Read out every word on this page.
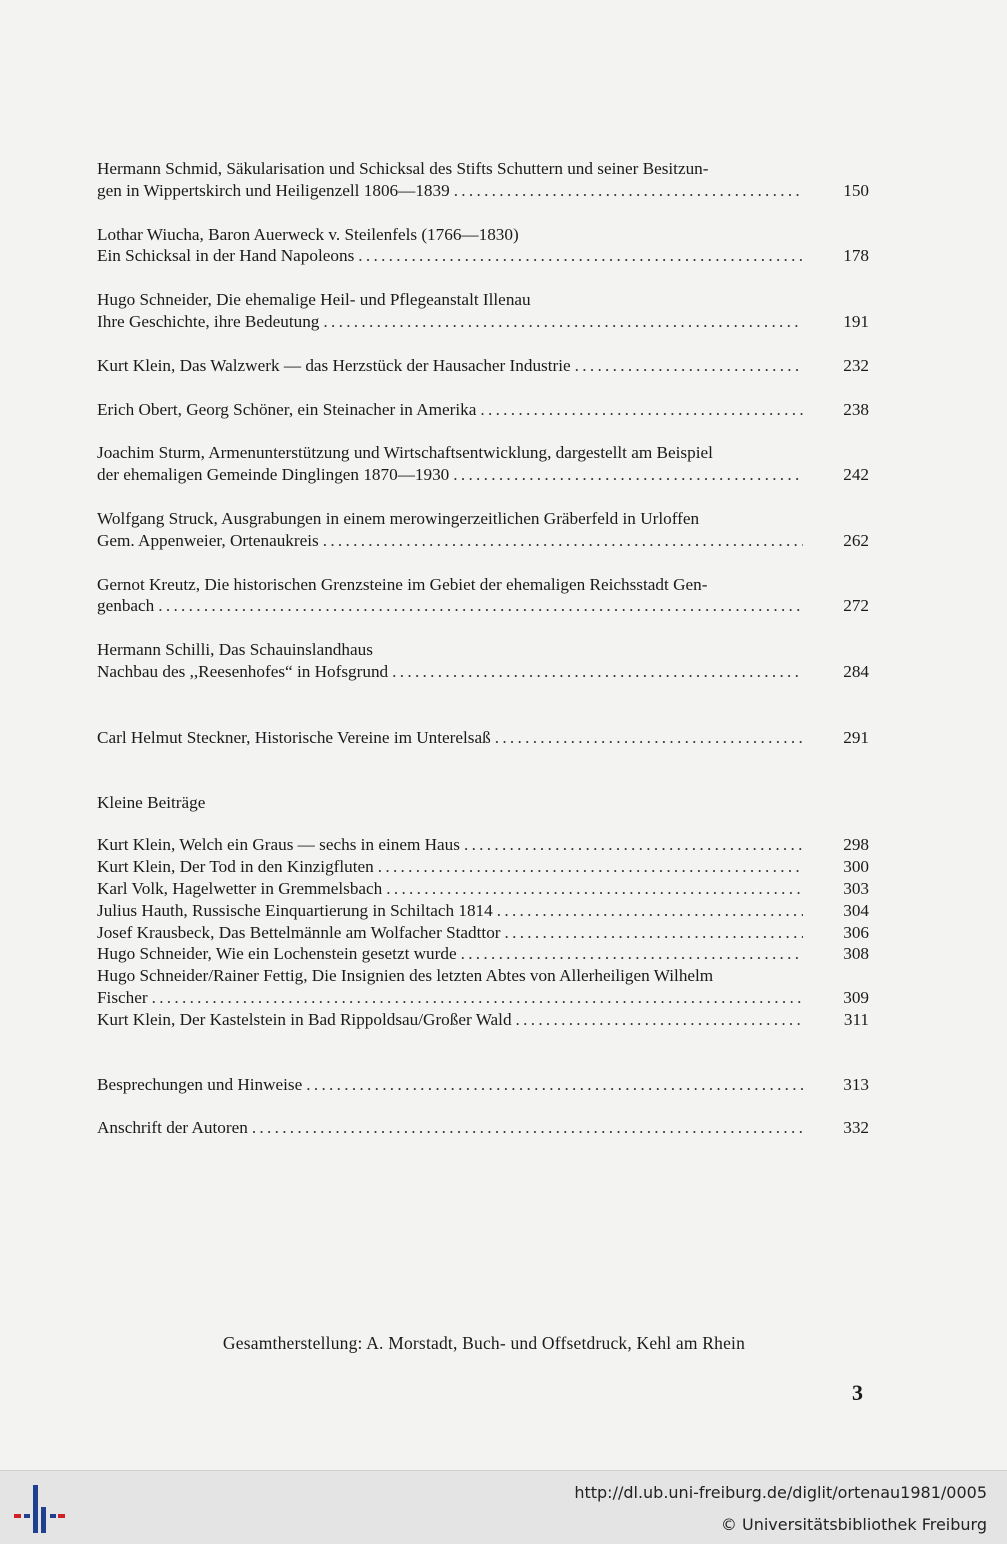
Hermann Schmid, Säkularisation und Schicksal des Stifts Schuttern und seiner Besitzun-
gen in Wippertskirch und Heiligenzell 1806—1839 . . .	150
Lothar Wiucha, Baron Auerweck v. Steilenfels (1766—1830)
Ein Schicksal in der Hand Napoleons . . .	178
Hugo Schneider, Die ehemalige Heil- und Pflegeanstalt Illenau
Ihre Geschichte, ihre Bedeutung . . .	191
Kurt Klein, Das Walzwerk — das Herzstück der Hausacher Industrie . . .	232
Erich Obert, Georg Schöner, ein Steinacher in Amerika . . .	238
Joachim Sturm, Armenunterstützung und Wirtschaftsentwicklung, dargestellt am Beispiel
der ehemaligen Gemeinde Dinglingen 1870—1930 . . .	242
Wolfgang Struck, Ausgrabungen in einem merowingerzeitlichen Gräberfeld in Urloffen
Gem. Appenweier, Ortenaukreis . . .	262
Gernot Kreutz, Die historischen Grenzsteine im Gebiet der ehemaligen Reichsstadt Gen-
genbach . . .	272
Hermann Schilli, Das Schauinslandhaus
Nachbau des ,,Reesenhofes“ in Hofsgrund . . .	284
Carl Helmut Steckner, Historische Vereine im Unterelsaß . . .	291
Kleine Beiträge
Kurt Klein, Welch ein Graus — sechs in einem Haus . . .	298
Kurt Klein, Der Tod in den Kinzigfluten . . .	300
Karl Volk, Hagelwetter in Gremmelsbach . . .	303
Julius Hauth, Russische Einquartierung in Schiltach 1814 . . .	304
Josef Krausbeck, Das Bettelmännle am Wolfacher Stadttor . . .	306
Hugo Schneider, Wie ein Lochenstein gesetzt wurde . . .	308
Hugo Schneider/Rainer Fettig, Die Insignien des letzten Abtes von Allerheiligen Wilhelm
Fischer . . .	309
Kurt Klein, Der Kastelstein in Bad Rippoldsau/Großer Wald . . .	311
Besprechungen und Hinweise . . .	313
Anschrift der Autoren . . .	332
Gesamtherstellung: A. Morstadt, Buch- und Offsetdruck, Kehl am Rhein
3
http://dl.ub.uni-freiburg.de/diglit/ortenau1981/0005
© Universitätsbibliothek Freiburg
